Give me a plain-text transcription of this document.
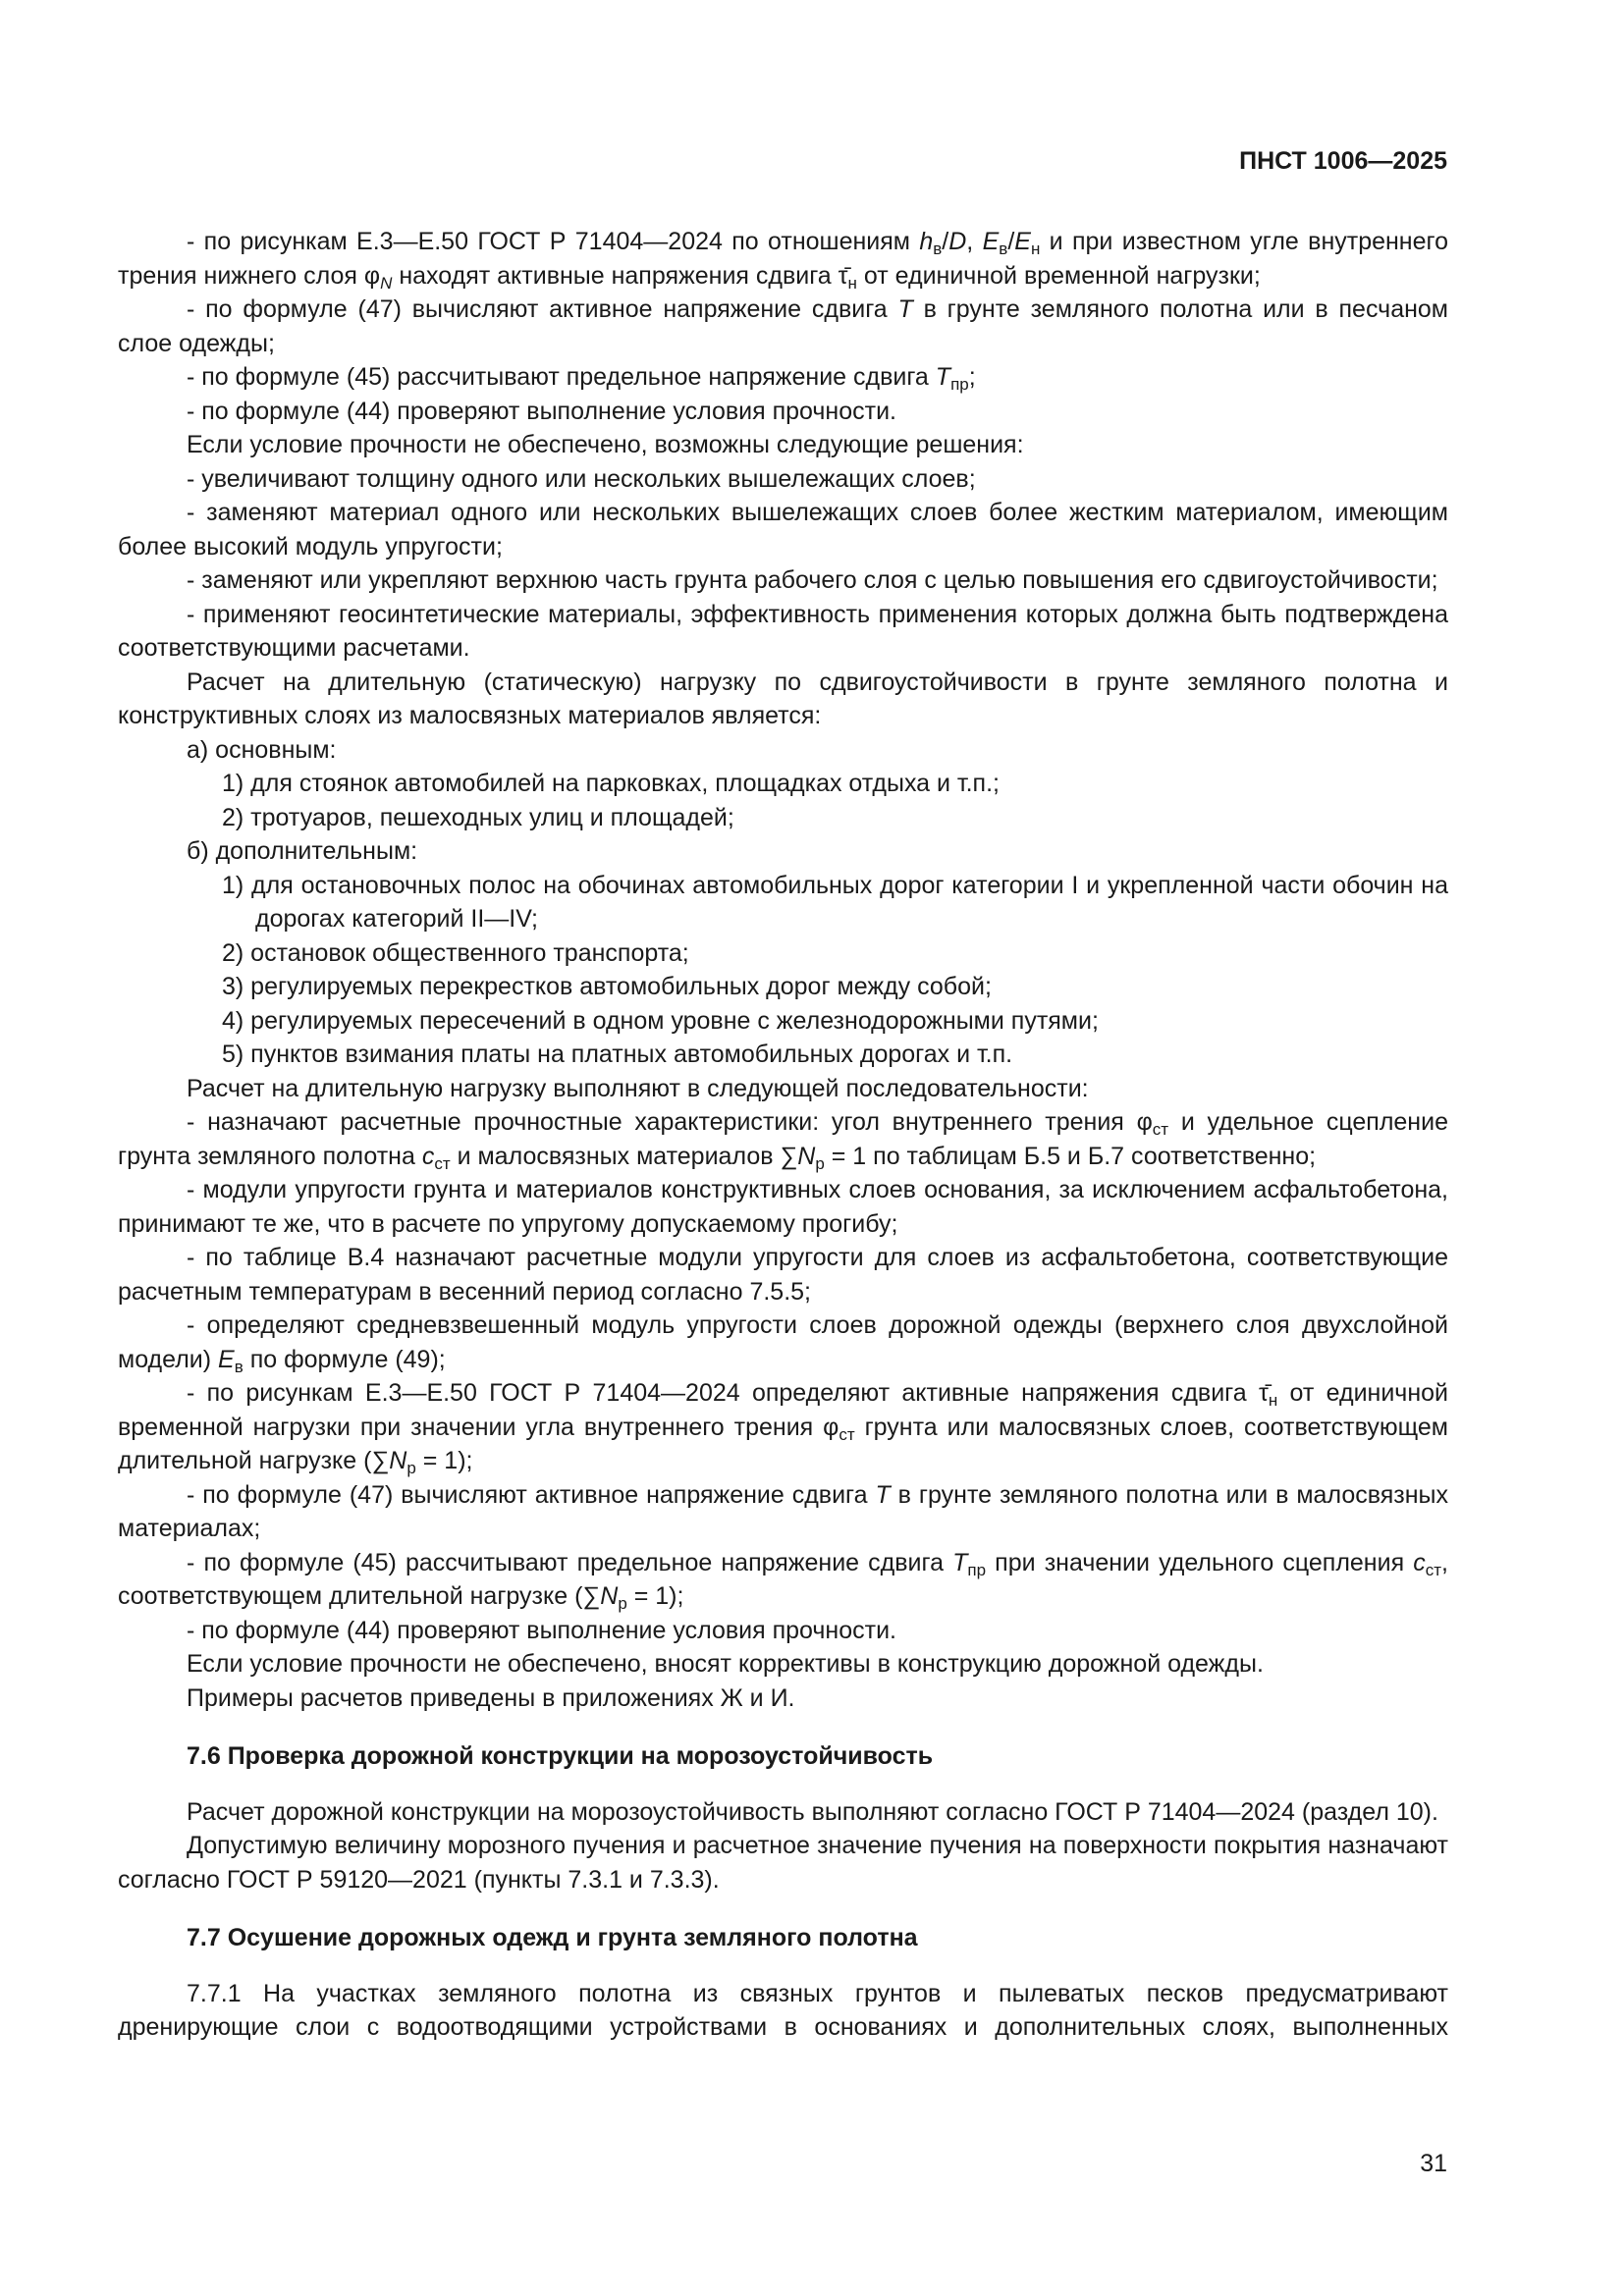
ПНСТ 1006—2025

- по рисункам Е.3—Е.50 ГОСТ Р 71404—2024 по отношениям $h_в/D$, $E_в/E_н$ и при известном угле внутреннего трения нижнего слоя $\varphi_N$ находят активные напряжения сдвига $\taū_н$ от единичной временной нагрузки;

- по формуле (47) вычисляют активное напряжение сдвига T в грунте земляного полотна или в песчаном слое одежды;

- по формуле (45) рассчитывают предельное напряжение сдвига $T_{пр}$;

- по формуле (44) проверяют выполнение условия прочности.

Если условие прочности не обеспечено, возможны следующие решения:

- увеличивают толщину одного или нескольких вышележащих слоев;

- заменяют материал одного или нескольких вышележащих слоев более жестким материалом, имеющим более высокий модуль упругости;

- заменяют или укрепляют верхнюю часть грунта рабочего слоя с целью повышения его сдвигоустойчивости;

- применяют геосинтетические материалы, эффективность применения которых должна быть подтверждена соответствующими расчетами.

Расчет на длительную (статическую) нагрузку по сдвигоустойчивости в грунте земляного полотна и конструктивных слоях из малосвязных материалов является:

а) основным:

1) для стоянок автомобилей на парковках, площадках отдыха и т.п.;

2) тротуаров, пешеходных улиц и площадей;

б) дополнительным:

1) для остановочных полос на обочинах автомобильных дорог категории I и укрепленной части обочин на дорогах категорий II—IV;

2) остановок общественного транспорта;

3) регулируемых перекрестков автомобильных дорог между собой;

4) регулируемых пересечений в одном уровне с железнодорожными путями;

5) пунктов взимания платы на платных автомобильных дорогах и т.п.

Расчет на длительную нагрузку выполняют в следующей последовательности:

- назначают расчетные прочностные характеристики: угол внутреннего трения $\varphi_{ст}$ и удельное сцепление грунта земляного полотна $c_{ст}$ и малосвязных материалов $\sum N_р = 1$ по таблицам Б.5 и Б.7 соответственно;

- модули упругости грунта и материалов конструктивных слоев основания, за исключением асфальтобетона, принимают те же, что в расчете по упругому допускаемому прогибу;

- по таблице В.4 назначают расчетные модули упругости для слоев из асфальтобетона, соответствующие расчетным температурам в весенний период согласно 7.5.5;

- определяют средневзвешенный модуль упругости слоев дорожной одежды (верхнего слоя двухслойной модели) $E_в$ по формуле (49);

- по рисункам Е.3—Е.50 ГОСТ Р 71404—2024 определяют активные напряжения сдвига $\taū_н$ от единичной временной нагрузки при значении угла внутреннего трения $\varphi_{ст}$ грунта или малосвязных слоев, соответствующем длительной нагрузке $(\sum N_р = 1)$;

- по формуле (47) вычисляют активное напряжение сдвига T в грунте земляного полотна или в малосвязных материалах;

- по формуле (45) рассчитывают предельное напряжение сдвига $T_{пр}$ при значении удельного сцепления $c_{ст}$, соответствующем длительной нагрузке $(\sum N_р = 1)$;

- по формуле (44) проверяют выполнение условия прочности.

Если условие прочности не обеспечено, вносят коррективы в конструкцию дорожной одежды.

Примеры расчетов приведены в приложениях Ж и И.

7.6 Проверка дорожной конструкции на морозоустойчивость

Расчет дорожной конструкции на морозоустойчивость выполняют согласно ГОСТ Р 71404—2024 (раздел 10).

Допустимую величину морозного пучения и расчетное значение пучения на поверхности покрытия назначают согласно ГОСТ Р 59120—2021 (пункты 7.3.1 и 7.3.3).

7.7 Осушение дорожных одежд и грунта земляного полотна

7.7.1 На участках земляного полотна из связных грунтов и пылеватых песков предусматривают дренирующие слои с водоотводящими устройствами в основаниях и дополнительных слоях, выполненных

31
